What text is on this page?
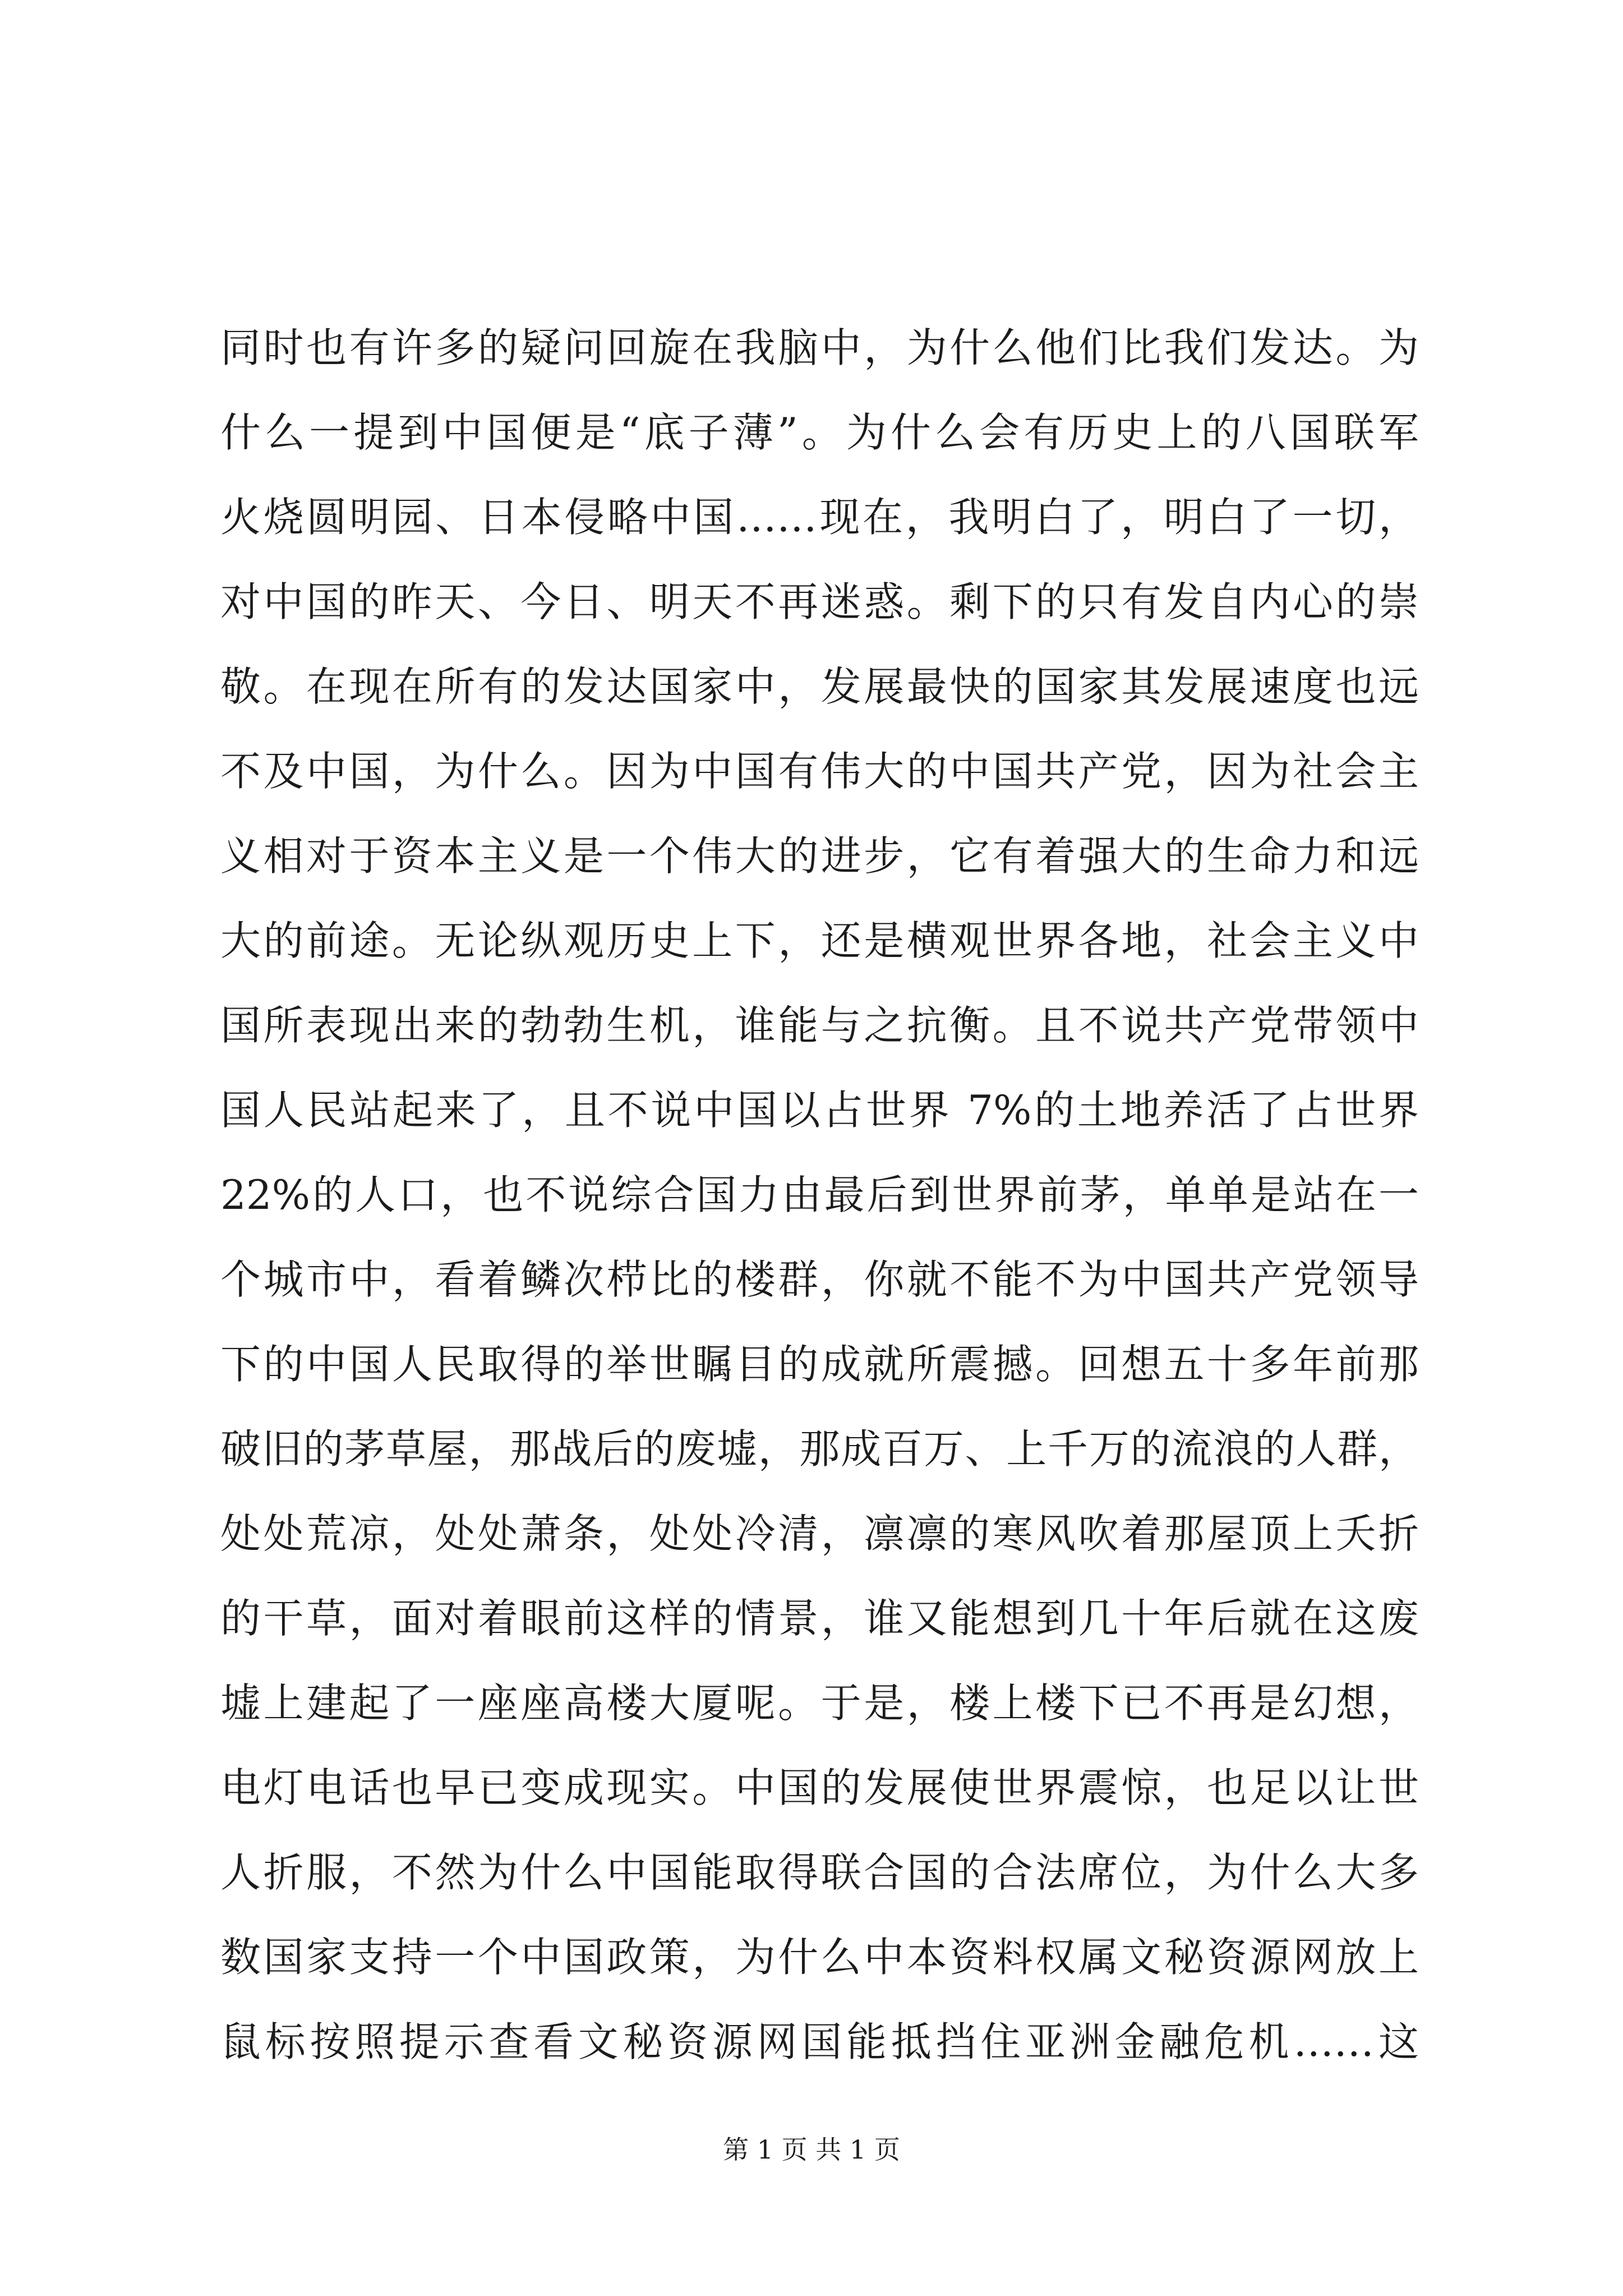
同时也有许多的疑问回旋在我脑中，为什么他们比我们发达。为
什么一提到中国便是“底子薄”。为什么会有历史上的八国联军
火烧圆明园、日本侵略中国……现在，我明白了，明白了一切，
对中国的昨天、今日、明天不再迷惑。剩下的只有发自内心的崇
敬。在现在所有的发达国家中，发展最快的国家其发展速度也远
不及中国，为什么。因为中国有伟大的中国共产党，因为社会主
义相对于资本主义是一个伟大的进步，它有着强大的生命力和远
大的前途。无论纵观历史上下，还是横观世界各地，社会主义中
国所表现出来的勃勃生机，谁能与之抗衡。且不说共产党带领中
国人民站起来了，且不说中国以占世界 7%的土地养活了占世界
22%的人口，也不说综合国力由最后到世界前茅，单单是站在一
个城市中，看着鳞次栉比的楼群，你就不能不为中国共产党领导
下的中国人民取得的举世瞩目的成就所震撼。回想五十多年前那
破旧的茅草屋，那战后的废墟，那成百万、上千万的流浪的人群，
处处荒凉，处处萧条，处处冷清，凛凛的寒风吹着那屋顶上夭折
的干草，面对着眼前这样的情景，谁又能想到几十年后就在这废
墟上建起了一座座高楼大厦呢。于是，楼上楼下已不再是幻想，
电灯电话也早已变成现实。中国的发展使世界震惊，也足以让世
人折服，不然为什么中国能取得联合国的合法席位，为什么大多
数国家支持一个中国政策，为什么中本资料权属文秘资源网放上
鼠标按照提示查看文秘资源网国能抵挡住亚洲金融危机……这
第 1 页 共 1 页
